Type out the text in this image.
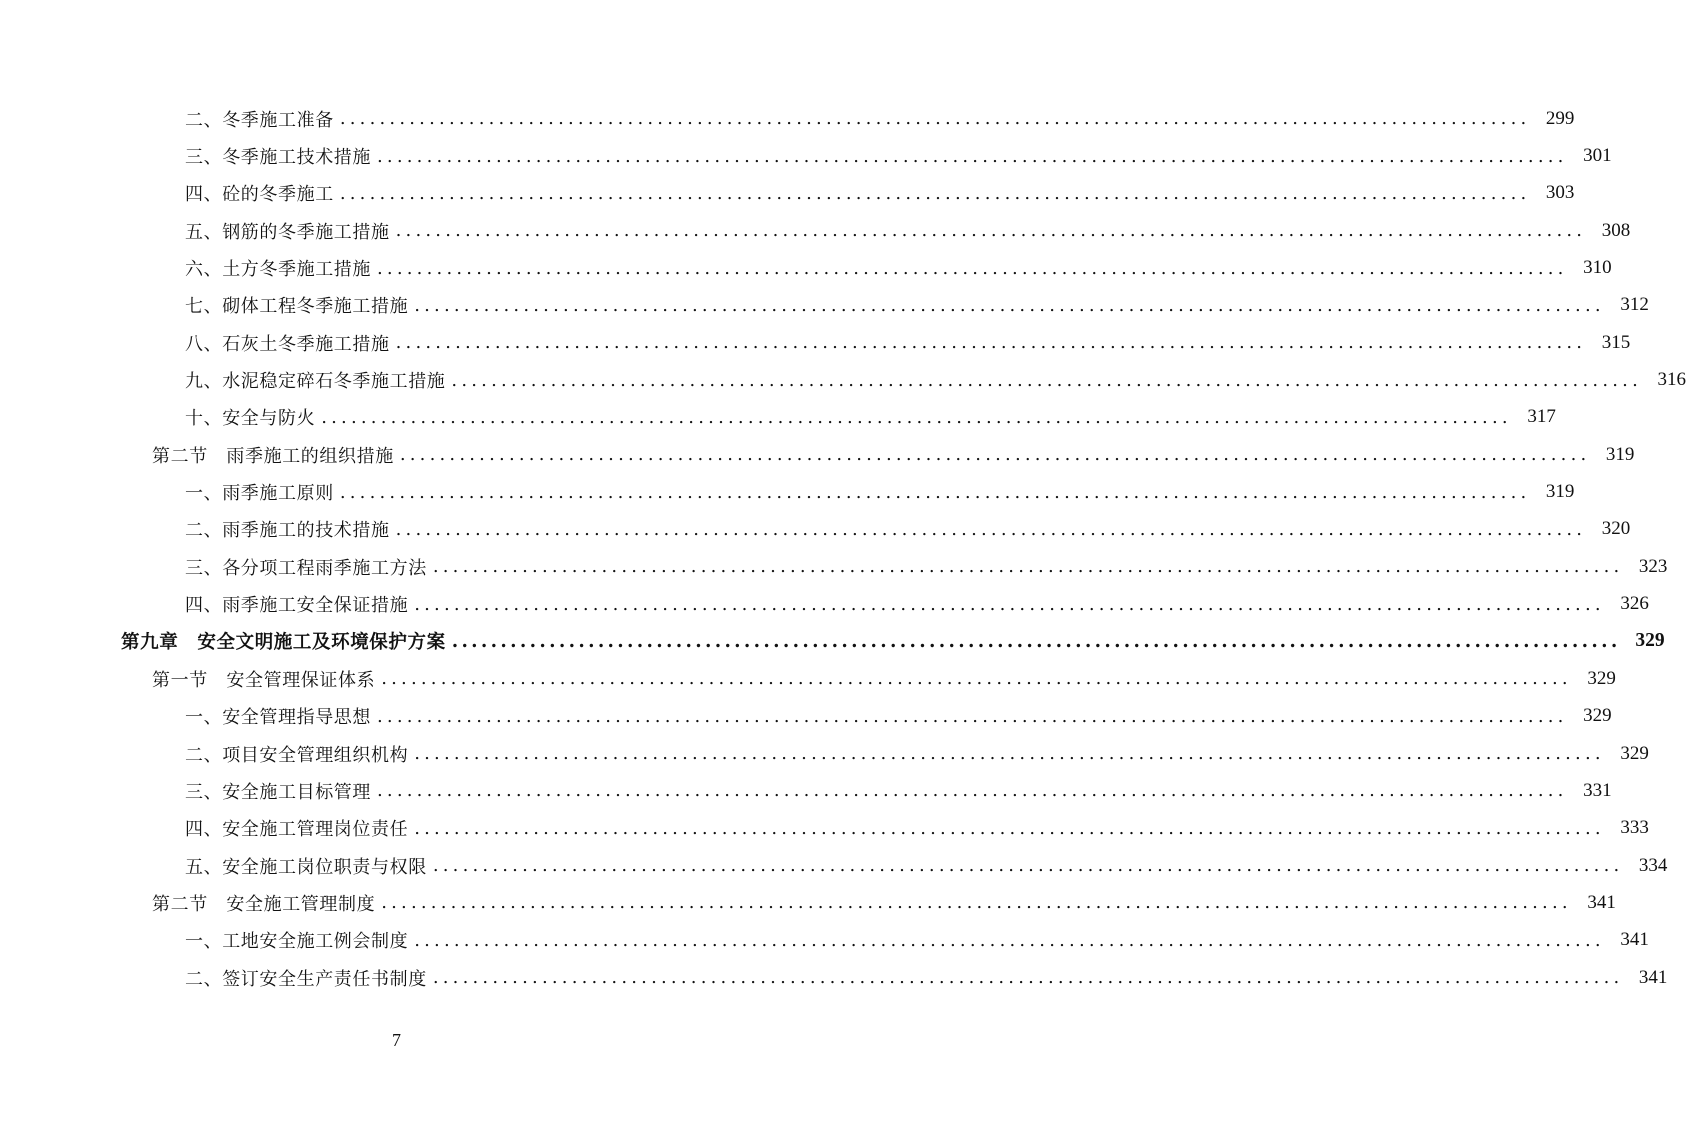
二、冬季施工准备 ........................................................................................................................ 299
三、冬季施工技术措施 ........................................................................................................................ 301
四、砼的冬季施工 ........................................................................................................................ 303
五、钢筋的冬季施工措施 ........................................................................................................................ 308
六、土方冬季施工措施 ........................................................................................................................ 310
七、砌体工程冬季施工措施 ........................................................................................................................ 312
八、石灰土冬季施工措施 ........................................................................................................................ 315
九、水泥稳定碎石冬季施工措施 ........................................................................................................................ 316
十、安全与防火 ........................................................................................................................ 317
第二节　雨季施工的组织措施 ........................................................................................................................ 319
一、雨季施工原则 ........................................................................................................................ 319
二、雨季施工的技术措施 ........................................................................................................................ 320
三、各分项工程雨季施工方法 ........................................................................................................................ 323
四、雨季施工安全保证措施 ........................................................................................................................ 326
第九章　安全文明施工及环境保护方案 ........................................................................................................................ 329
第一节　安全管理保证体系 ........................................................................................................................ 329
一、安全管理指导思想 ........................................................................................................................ 329
二、项目安全管理组织机构 ........................................................................................................................ 329
三、安全施工目标管理 ........................................................................................................................ 331
四、安全施工管理岗位责任 ........................................................................................................................ 333
五、安全施工岗位职责与权限 ........................................................................................................................ 334
第二节　安全施工管理制度 ........................................................................................................................ 341
一、工地安全施工例会制度 ........................................................................................................................ 341
二、签订安全生产责任书制度 ........................................................................................................................ 341
7
